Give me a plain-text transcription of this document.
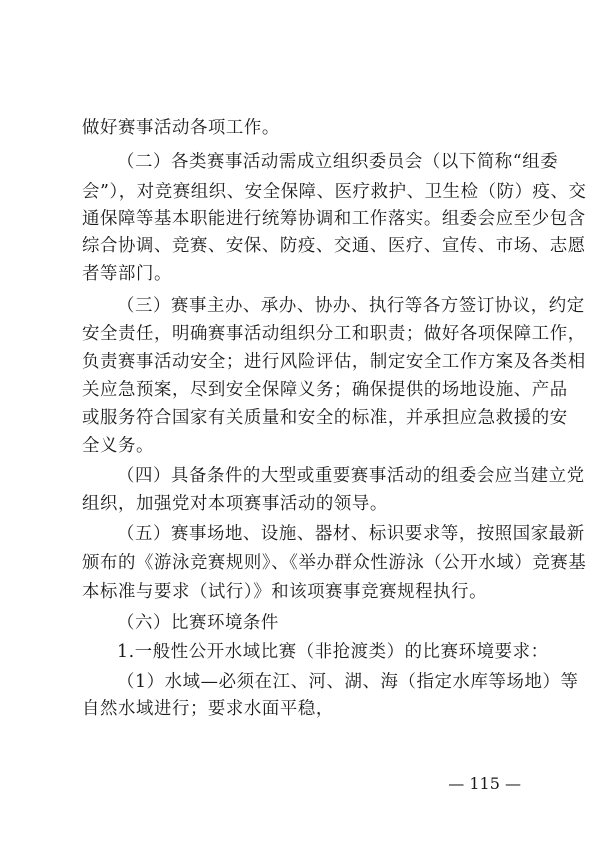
做好赛事活动各项工作。
（二）各类赛事活动需成立组织委员会（以下简称“组委
会”），对竞赛组织、安全保障、医疗救护、卫生检（防）疫、交
通保障等基本职能进行统筹协调和工作落实。组委会应至少包含
综合协调、竞赛、安保、防疫、交通、医疗、宣传、市场、志愿
者等部门。
（三）赛事主办、承办、协办、执行等各方签订协议，约定
安全责任，明确赛事活动组织分工和职责；做好各项保障工作，
负责赛事活动安全；进行风险评估，制定安全工作方案及各类相
关应急预案，尽到安全保障义务；确保提供的场地设施、产品
或服务符合国家有关质量和安全的标准，并承担应急救援的安
全义务。
（四）具备条件的大型或重要赛事活动的组委会应当建立党
组织，加强党对本项赛事活动的领导。
（五）赛事场地、设施、器材、标识要求等，按照国家最新
颁布的《游泳竞赛规则》、《举办群众性游泳（公开水域）竞赛基
本标准与要求（试行）》和该项赛事竞赛规程执行。
（六）比赛环境条件
1.一般性公开水域比赛（非抢渡类）的比赛环境要求：
（1）水域—必须在江、河、湖、海（指定水库等场地）等
自然水域进行；要求水面平稳，
— 115 —
